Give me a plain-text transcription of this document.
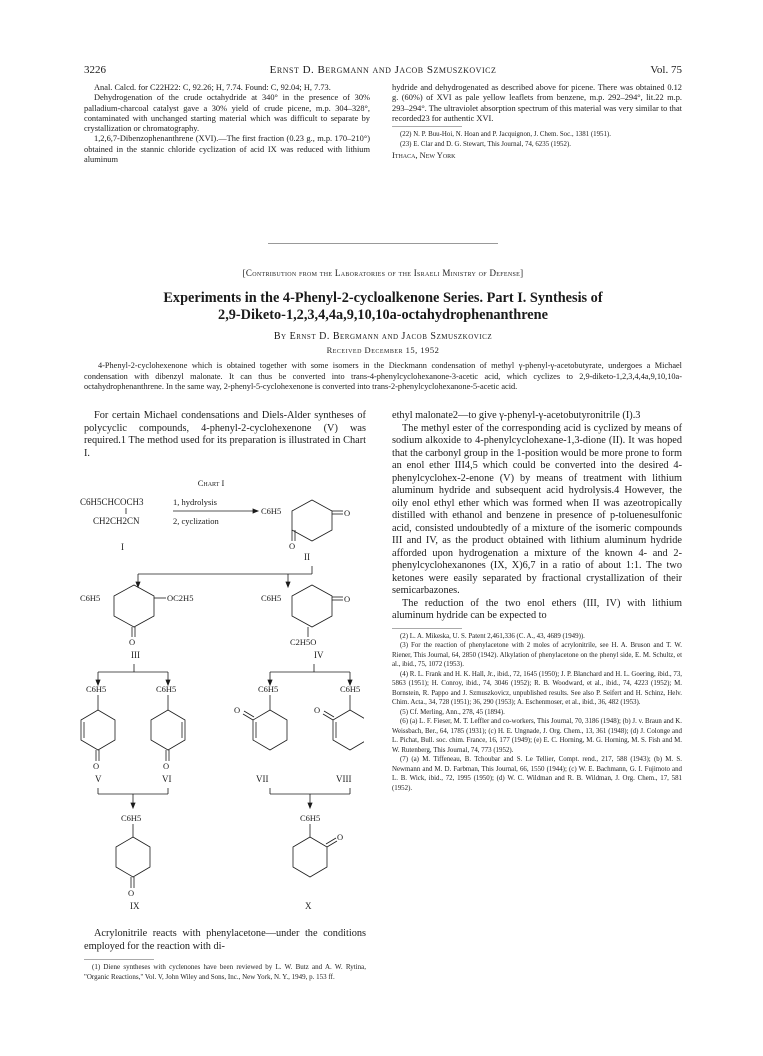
3226	Ernst D. Bergmann and Jacob Szmuszkovicz	Vol. 75

Anal. Calcd. for C22H22: C, 92.26; H, 7.74. Found: C, 92.04; H, 7.73.

Dehydrogenation of the crude octahydride at 340° in the presence of 30% palladium-charcoal catalyst gave a 30% yield of crude picene, m.p. 304–328°, contaminated with unchanged starting material which was difficult to separate by crystallization or chromatography.

1,2,6,7-Dibenzophenanthrene (XVI).—The first fraction (0.23 g., m.p. 170–210°) obtained in the stannic chloride cyclization of acid IX was reduced with lithium aluminum

hydride and dehydrogenated as described above for picene. There was obtained 0.12 g. (60%) of XVI as pale yellow leaflets from benzene, m.p. 292–294°, lit.22 m.p. 293–294°. The ultraviolet absorption spectrum of this material was very similar to that recorded23 for authentic XVI.

(22) N. P. Buu-Hoi, N. Hoan and P. Jacquignon, J. Chem. Soc., 1381 (1951).

(23) E. Clar and D. G. Stewart, This Journal, 74, 6235 (1952).

Ithaca, New York

[Contribution from the Laboratories of the Israeli Ministry of Defense]
Experiments in the 4-Phenyl-2-cycloalkenone Series. Part I. Synthesis of
2,9-Diketo-1,2,3,4,4a,9,10,10a-octahydrophenanthrene
By Ernst D. Bergmann and Jacob Szmuszkovicz
Received December 15, 1952
4-Phenyl-2-cyclohexenone which is obtained together with some isomers in the Dieckmann condensation of methyl γ-phenyl-γ-acetobutyrate, undergoes a Michael condensation with dibenzyl malonate. It can thus be converted into trans-4-phenylcyclohexanone-3-acetic acid, which cyclizes to 2,9-diketo-1,2,3,4,4a,9,10,10a-octahydrophenanthrene. In the same way, 2-phenyl-5-cyclohexenone is converted into trans-2-phenylcyclohexanone-5-acetic acid.

For certain Michael condensations and Diels-Alder syntheses of polycyclic compounds, 4-phenyl-2-cyclohexenone (V) was required.1 The method used for its preparation is illustrated in Chart I.

Chart I
C6H5CHCOCH3
CH2CH2CN
1, hydrolysis
2, cyclization
I
C6H5	O
O
II
C6H5	OC2H5
O
III
C6H5	O
C2H5O
IV
C6H5
O
V
C6H5
O
VI
C6H5
O
VII
C6H5
O
VIII
C6H5
O
IX
C6H5
O
X

Acrylonitrile reacts with phenylacetone—under the conditions employed for the reaction with di-

(1) Diene syntheses with cyclenones have been reviewed by L. W. Butz and A. W. Rytina, "Organic Reactions," Vol. V, John Wiley and Sons, Inc., New York, N. Y., 1949, p. 153 ff.

ethyl malonate2—to give γ-phenyl-γ-acetobutyronitrile (I).3

The methyl ester of the corresponding acid is cyclized by means of sodium alkoxide to 4-phenylcyclohexane-1,3-dione (II). It was hoped that the carbonyl group in the 1-position would be more prone to form an enol ether III4,5 which could be converted into the desired 4-phenylcyclohex-2-enone (V) by means of treatment with lithium aluminum hydride and subsequent acid hydrolysis.4 However, the oily enol ethyl ether which was formed when II was azeotropically distilled with ethanol and benzene in presence of p-toluenesulfonic acid, consisted undoubtedly of a mixture of the isomeric compounds III and IV, as the product obtained with lithium aluminum hydride afforded upon hydrogenation a mixture of the known 4- and 2-phenylcyclohexanones (IX, X)6,7 in a ratio of about 1:1. The two ketones were easily separated by fractional crystallization of their semicarbazones.

The reduction of the two enol ethers (III, IV) with lithium aluminum hydride can be expected to

(2) L. A. Mikeska, U. S. Patent 2,461,336 (C. A., 43, 4689 (1949)).

(3) For the reaction of phenylacetone with 2 moles of acrylonitrile, see H. A. Bruson and T. W. Riener, This Journal, 64, 2850 (1942). Alkylation of phenylacetone on the phenyl side, E. M. Schultz, et al., ibid., 75, 1072 (1953).

(4) R. L. Frank and H. K. Hall, Jr., ibid., 72, 1645 (1950); J. P. Blanchard and H. L. Goering, ibid., 73, 5863 (1951); H. Conroy, ibid., 74, 3046 (1952); R. B. Woodward, et al., ibid., 74, 4223 (1952); M. Bornstein, R. Pappo and J. Szmuszkovicz, unpublished results. See also P. Seifert and H. Schinz, Helv. Chim. Acta., 34, 728 (1951); 36, 290 (1953); A. Eschenmoser, et al., ibid., 36, 482 (1953).

(5) Cf. Merling, Ann., 278, 45 (1894).

(6) (a) L. F. Fieser, M. T. Leffler and co-workers, This Journal, 70, 3186 (1948); (b) J. v. Braun and K. Weissbach, Ber., 64, 1785 (1931); (c) H. E. Ungnade, J. Org. Chem., 13, 361 (1948); (d) J. Colonge and L. Pichat, Bull. soc. chim. France, 16, 177 (1949); (e) E. C. Horning, M. G. Horning, M. S. Fish and M. W. Rutenberg, This Journal, 74, 773 (1952).

(7) (a) M. Tiffeneau, B. Tchoubar and S. Le Tellier, Compt. rend., 217, 588 (1943); (b) M. S. Newmann and M. D. Farbman, This Journal, 66, 1550 (1944); (c) W. E. Bachmann, G. I. Fujimoto and L. B. Wick, ibid., 72, 1995 (1950); (d) W. C. Wildman and R. B. Wildman, J. Org. Chem., 17, 581 (1952).
